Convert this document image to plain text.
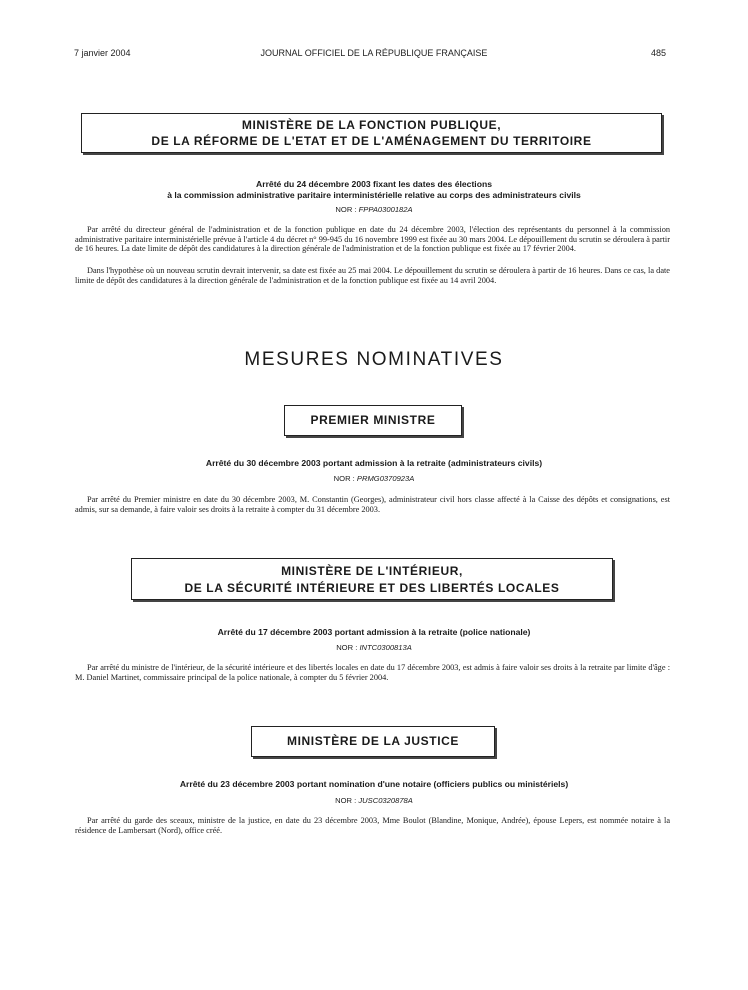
7 janvier 2004	JOURNAL OFFICIEL DE LA RÉPUBLIQUE FRANÇAISE	485
MINISTÈRE DE LA FONCTION PUBLIQUE,
DE LA RÉFORME DE L'ETAT ET DE L'AMÉNAGEMENT DU TERRITOIRE
Arrêté du 24 décembre 2003 fixant les dates des élections
à la commission administrative paritaire interministérielle relative au corps des administrateurs civils
NOR : FPPA0300182A

Par arrêté du directeur général de l'administration et de la fonction publique en date du 24 décembre 2003, l'élection des représentants du personnel à la commission administrative paritaire interministérielle prévue à l'article 4 du décret n° 99-945 du 16 novembre 1999 est fixée au 30 mars 2004. Le dépouillement du scrutin se déroulera à partir de 16 heures. La date limite de dépôt des candidatures à la direction générale de l'administration et de la fonction publique est fixée au 17 février 2004.

Dans l'hypothèse où un nouveau scrutin devrait intervenir, sa date est fixée au 25 mai 2004. Le dépouillement du scrutin se déroulera à partir de 16 heures. Dans ce cas, la date limite de dépôt des candidatures à la direction générale de l'administration et de la fonction publique est fixée au 14 avril 2004.

MESURES NOMINATIVES
PREMIER MINISTRE
Arrêté du 30 décembre 2003 portant admission à la retraite (administrateurs civils)
NOR : PRMG0370923A

Par arrêté du Premier ministre en date du 30 décembre 2003, M. Constantin (Georges), administrateur civil hors classe affecté à la Caisse des dépôts et consignations, est admis, sur sa demande, à faire valoir ses droits à la retraite à compter du 31 décembre 2003.

MINISTÈRE DE L'INTÉRIEUR,
DE LA SÉCURITÉ INTÉRIEURE ET DES LIBERTÉS LOCALES
Arrêté du 17 décembre 2003 portant admission à la retraite (police nationale)
NOR : INTC0300813A

Par arrêté du ministre de l'intérieur, de la sécurité intérieure et des libertés locales en date du 17 décembre 2003, est admis à faire valoir ses droits à la retraite par limite d'âge : M. Daniel Martinet, commissaire principal de la police nationale, à compter du 5 février 2004.

MINISTÈRE DE LA JUSTICE
Arrêté du 23 décembre 2003 portant nomination d'une notaire (officiers publics ou ministériels)
NOR : JUSC0320878A

Par arrêté du garde des sceaux, ministre de la justice, en date du 23 décembre 2003, Mme Boulot (Blandine, Monique, Andrée), épouse Lepers, est nommée notaire à la résidence de Lambersart (Nord), office créé.
